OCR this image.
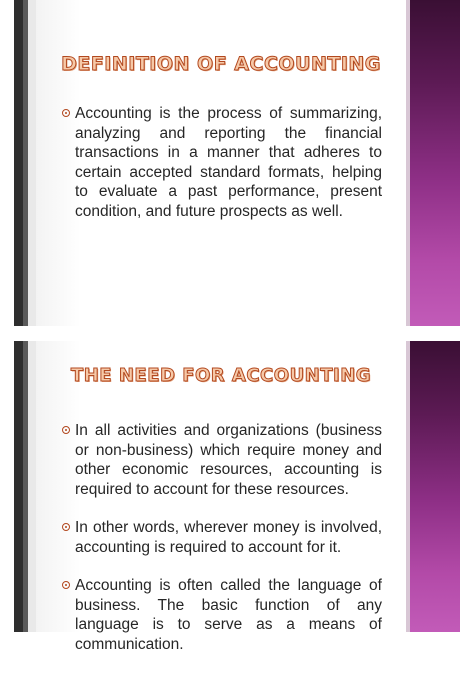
DEFINITION OF ACCOUNTING
Accounting is the process of summarizing, analyzing and reporting the financial transactions in a manner that adheres to certain accepted standard formats, helping to evaluate a past performance, present condition, and future prospects as well.
THE NEED FOR ACCOUNTING
In all activities and organizations (business or non-business) which require money and other economic resources, accounting is required to account for these resources.
In other words, wherever money is involved, accounting is required to account for it.
Accounting is often called the language of business. The basic function of any language is to serve as a means of communication.
